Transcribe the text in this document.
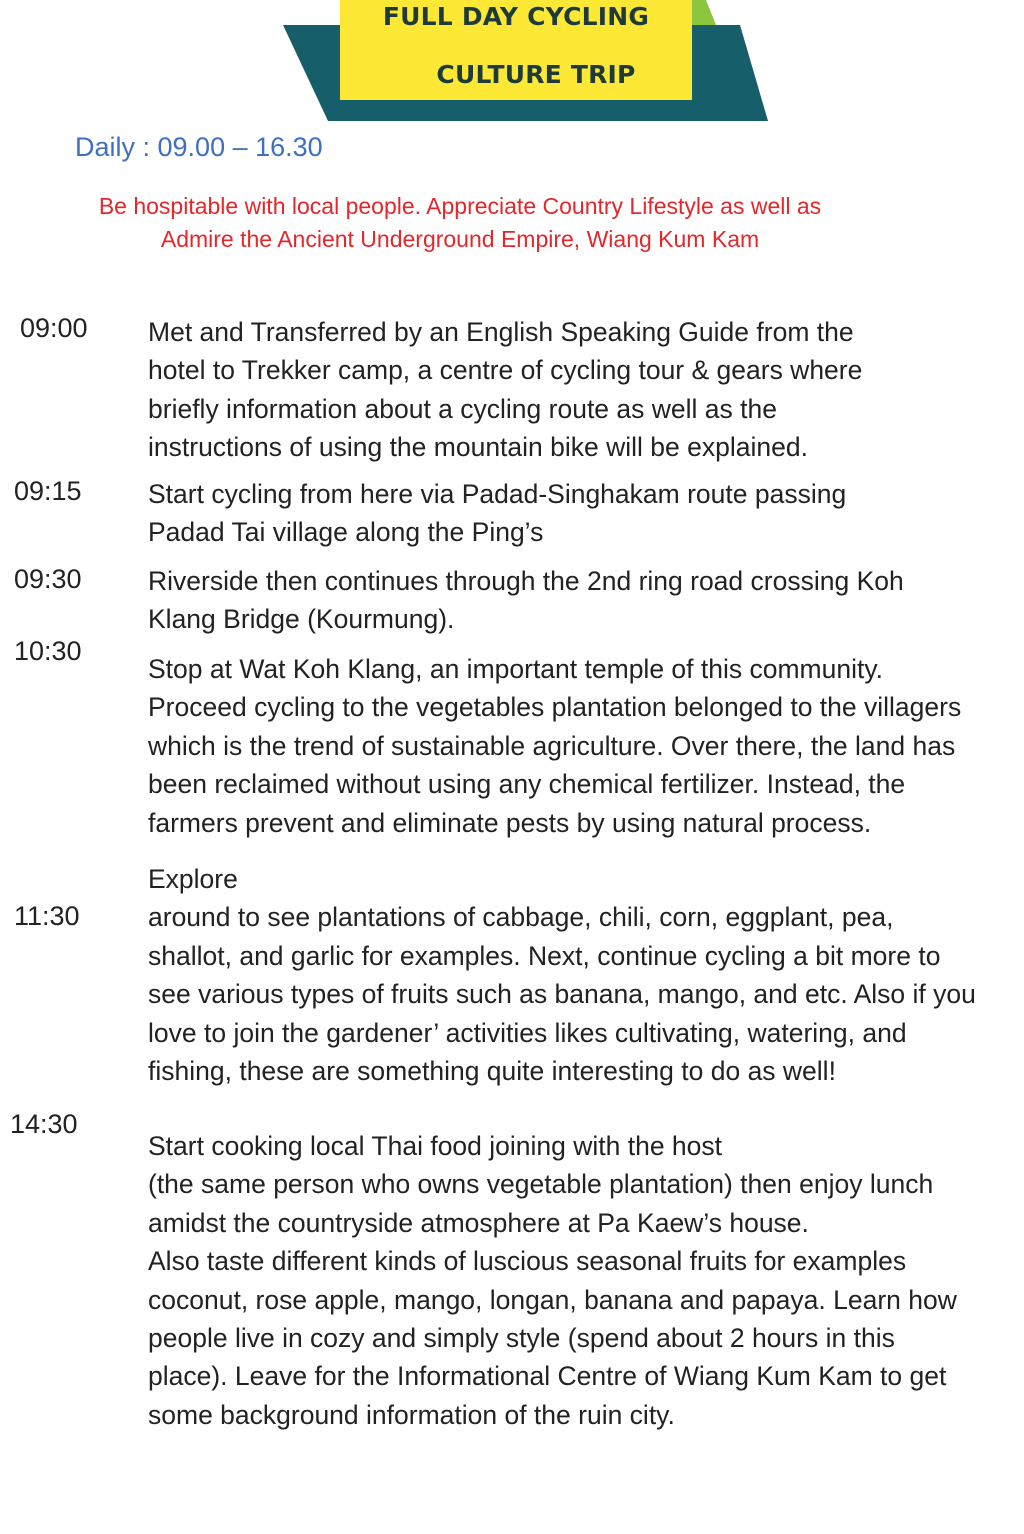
FULL DAY CYCLING

CULTURE TRIP

Daily : 09.00 – 16.30

Be hospitable with local people. Appreciate Country Lifestyle as well as
Admire the Ancient Underground Empire, Wiang Kum Kam

09:00 Met and Transferred by an English Speaking Guide from the
hotel to Trekker camp, a centre of cycling tour & gears where
briefly information about a cycling route as well as the
instructions of using the mountain bike will be explained.

09:15	Start cycling from here via Padad-Singhakam route passing
Padad Tai village along the Ping’s

09:30	Riverside then continues through the 2nd ring road crossing Koh
Klang Bridge (Kourmung).

10:30

Stop at Wat Koh Klang, an important temple of this community.
Proceed cycling to the vegetables plantation belonged to the villagers
which is the trend of sustainable agriculture. Over there, the land has
been reclaimed without using any chemical fertilizer. Instead, the
farmers prevent and eliminate pests by using natural process.

11:30

Explore
around to see plantations of cabbage, chili, corn, eggplant, pea,
shallot, and garlic for examples. Next, continue cycling a bit more to
see various types of fruits such as banana, mango, and etc. Also if you
love to join the gardener’ activities likes cultivating, watering, and
fishing, these are something quite interesting to do as well!

14:30

Start cooking local Thai food joining with the host
(the same person who owns vegetable plantation) then enjoy lunch
amidst the countryside atmosphere at Pa Kaew’s house.
Also taste different kinds of luscious seasonal fruits for examples
coconut, rose apple, mango, longan, banana and papaya. Learn how
people live in cozy and simply style (spend about 2 hours in this
place). Leave for the Informational Centre of Wiang Kum Kam to get
some background information of the ruin city.
